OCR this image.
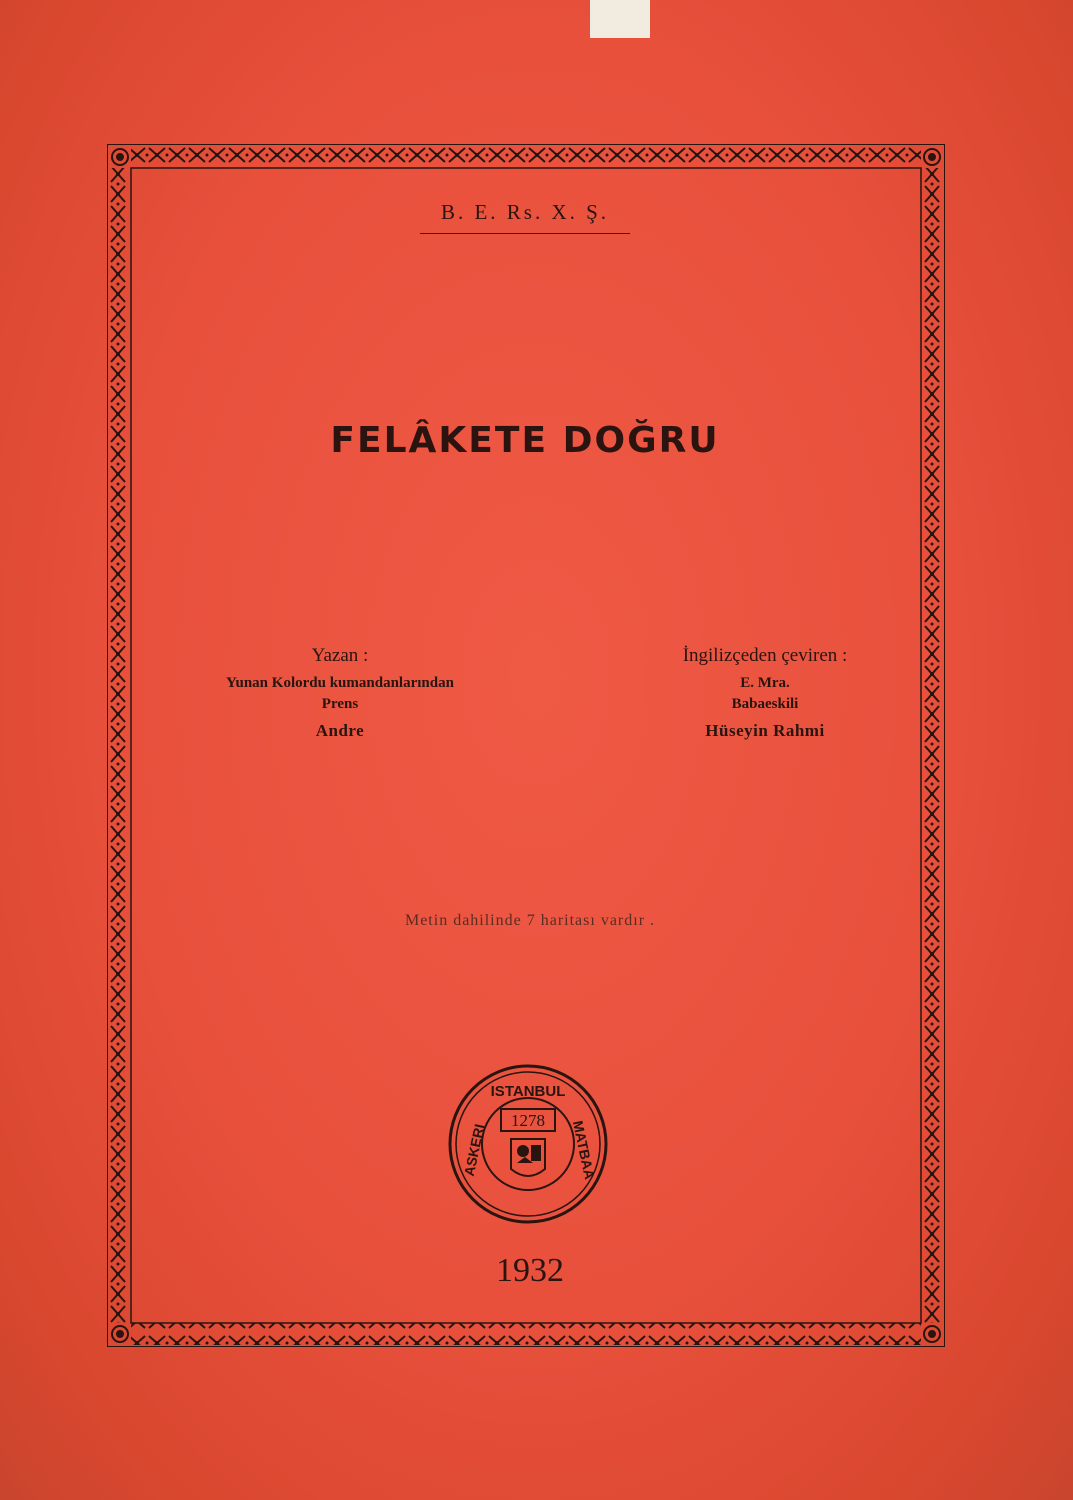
B. E. Rs. X. Ş.
FELÂKETE DOĞRU
Yazan :
Yunan Kolordu kumandanlarından
Prens
Andre
İngilizçeden çeviren :
E. Mra.
Babaeskili
Hüseyin Rahmi
Metin dahilinde 7 haritası vardır .
ISTANBUL
ASKERI	MATBAA
1278
1932
